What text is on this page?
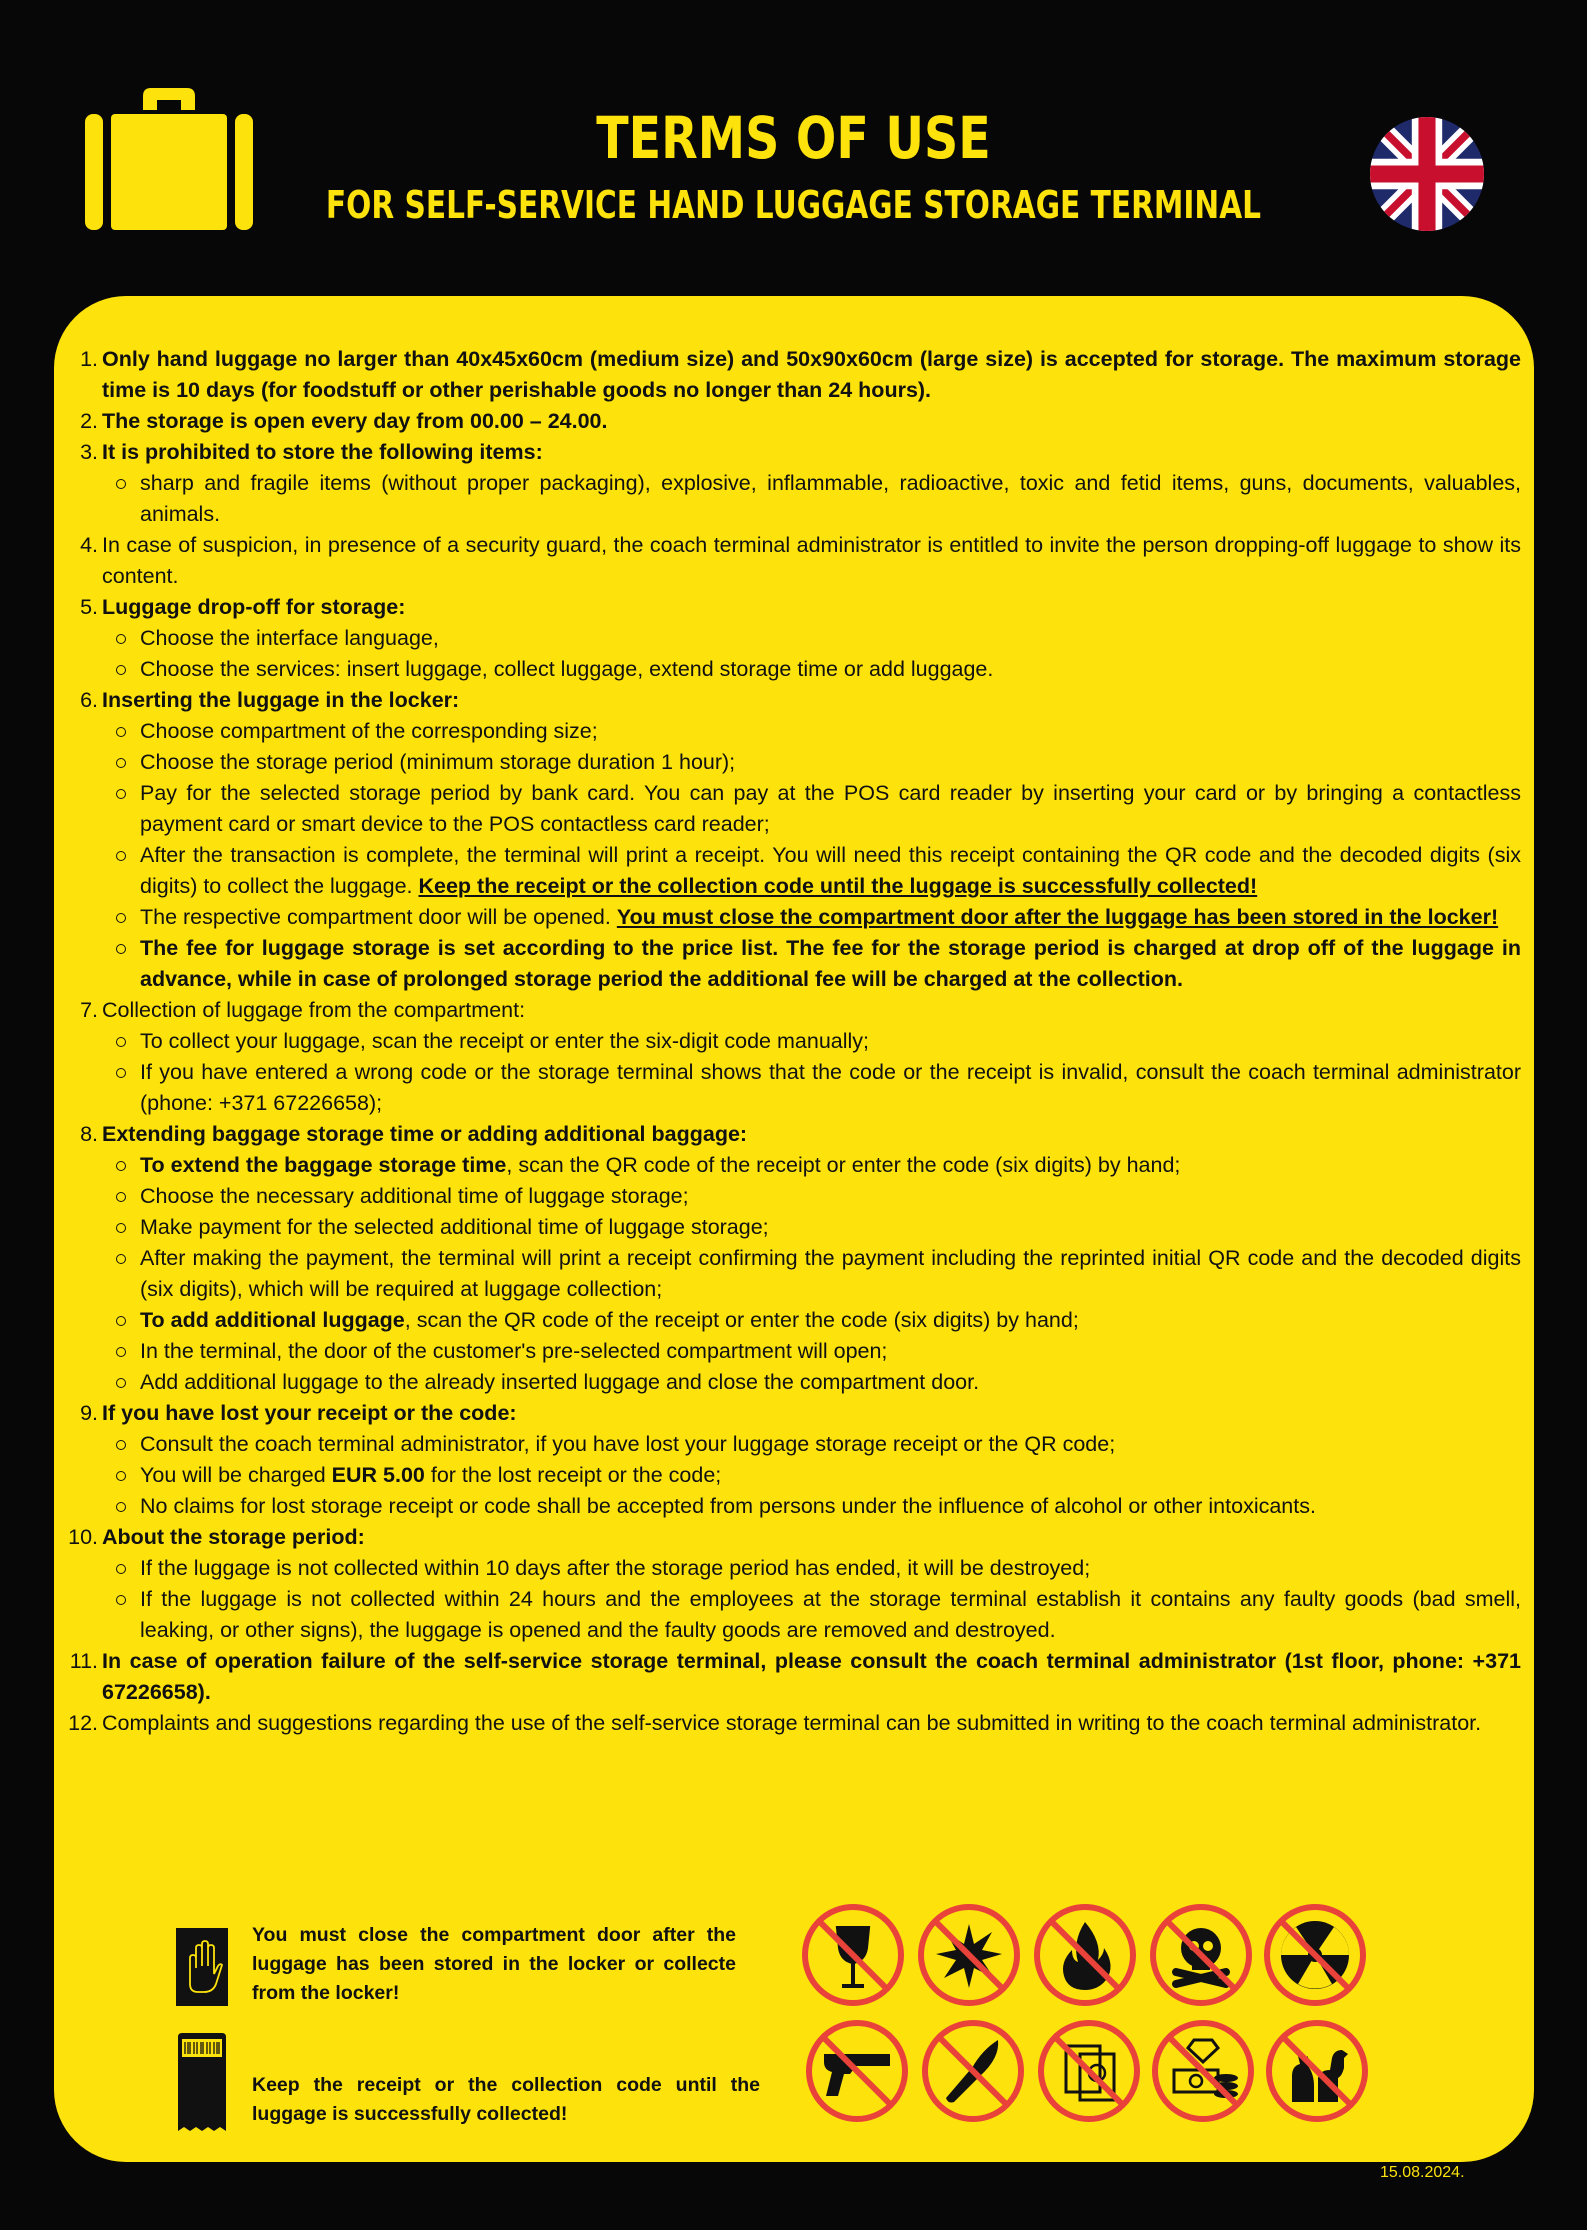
TERMS OF USE
FOR SELF-SERVICE HAND LUGGAGE STORAGE TERMINAL
1. Only hand luggage no larger than 40x45x60cm (medium size) and 50x90x60cm (large size) is accepted for storage. The maximum storage time is 10 days (for foodstuff or other perishable goods no longer than 24 hours).
2. The storage is open every day from 00.00 – 24.00.
3. It is prohibited to store the following items:
sharp and fragile items (without proper packaging), explosive, inflammable, radioactive, toxic and fetid items, guns, documents, valuables, animals.
4. In case of suspicion, in presence of a security guard, the coach terminal administrator is entitled to invite the person dropping-off luggage to show its content.
5. Luggage drop-off for storage:
Choose the interface language,
Choose the services: insert luggage, collect luggage, extend storage time or add luggage.
6. Inserting the luggage in the locker:
Choose compartment of the corresponding size;
Choose the storage period (minimum storage duration 1 hour);
Pay for the selected storage period by bank card. You can pay at the POS card reader by inserting your card or by bringing a contactless payment card or smart device to the POS contactless card reader;
After the transaction is complete, the terminal will print a receipt. You will need this receipt containing the QR code and the decoded digits (six digits) to collect the luggage. Keep the receipt or the collection code until the luggage is successfully collected!
The respective compartment door will be opened. You must close the compartment door after the luggage has been stored in the locker!
The fee for luggage storage is set according to the price list. The fee for the storage period is charged at drop off of the luggage in advance, while in case of prolonged storage period the additional fee will be charged at the collection.
7. Collection of luggage from the compartment:
To collect your luggage, scan the receipt or enter the six-digit code manually;
If you have entered a wrong code or the storage terminal shows that the code or the receipt is invalid, consult the coach terminal administrator (phone: +371 67226658);
8. Extending baggage storage time or adding additional baggage:
To extend the baggage storage time, scan the QR code of the receipt or enter the code (six digits) by hand;
Choose the necessary additional time of luggage storage;
Make payment for the selected additional time of luggage storage;
After making the payment, the terminal will print a receipt confirming the payment including the reprinted initial QR code and the decoded digits (six digits), which will be required at luggage collection;
To add additional luggage, scan the QR code of the receipt or enter the code (six digits) by hand;
In the terminal, the door of the customer's pre-selected compartment will open;
Add additional luggage to the already inserted luggage and close the compartment door.
9. If you have lost your receipt or the code:
Consult the coach terminal administrator, if you have lost your luggage storage receipt or the QR code;
You will be charged EUR 5.00 for the lost receipt or the code;
No claims for lost storage receipt or code shall be accepted from persons under the influence of alcohol or other intoxicants.
10. About the storage period:
If the luggage is not collected within 10 days after the storage period has ended, it will be destroyed;
If the luggage is not collected within 24 hours and the employees at the storage terminal establish it contains any faulty goods (bad smell, leaking, or other signs), the luggage is opened and the faulty goods are removed and destroyed.
11. In case of operation failure of the self-service storage terminal, please consult the coach terminal administrator (1st floor, phone: +371 67226658).
12. Complaints and suggestions regarding the use of the self-service storage terminal can be submitted in writing to the coach terminal administrator.
You must close the compartment door after the luggage has been stored in the locker or collecte from the locker!
Keep the receipt or the collection code until the luggage is successfully collected!
15.08.2024.
